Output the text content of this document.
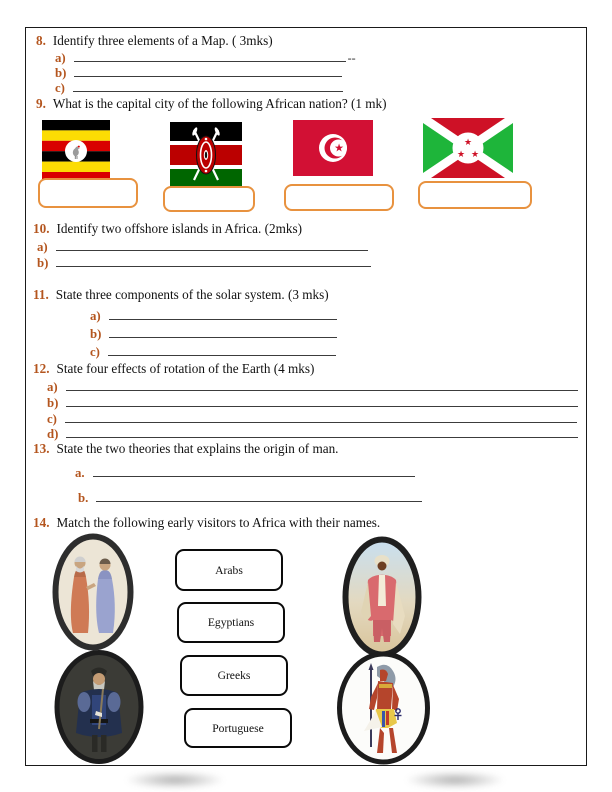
8. Identify three elements of a Map. ( 3mks)
a)	--
b)
c)
9. What is the capital city of the following African nation? (1 mk)
★	★
★ ★
10. Identify two offshore islands in Africa. (2mks)
a)
b)
11. State three components of the solar system. (3 mks)
a)
b)
c)
12. State four effects of rotation of the Earth (4 mks)
a)
b)
c)
d)
13. State the two theories that explains the origin of man.
a.
b.
14. Match the following early visitors to Africa with their names.
Arabs
Egyptians
Greeks
Portuguese
